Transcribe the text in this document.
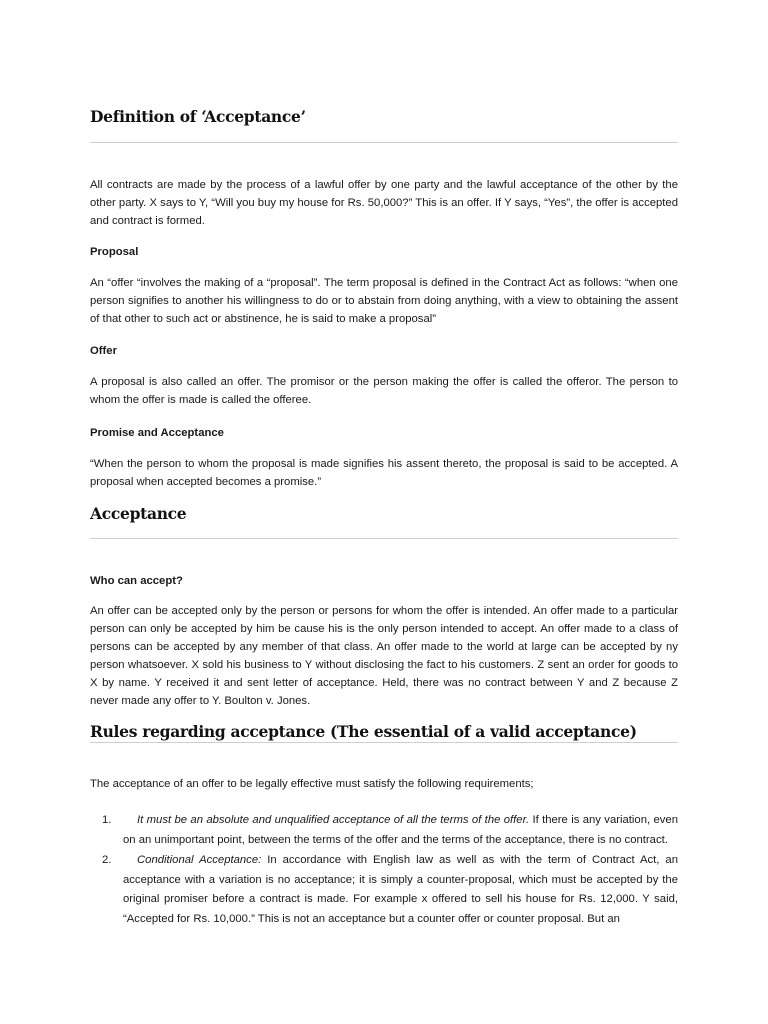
Definition of ‘Acceptance’

All contracts are made by the process of a lawful offer by one party and the lawful acceptance of the other by the other party. X says to Y, “Will you buy my house for Rs. 50,000?” This is an offer. If Y says, “Yes”, the offer is accepted and contract is formed.

Proposal

An “offer “involves the making of a “proposal”. The term proposal is defined in the Contract Act as follows: “when one person signifies to another his willingness to do or to abstain from doing anything, with a view to obtaining the assent of that other to such act or abstinence, he is said to make a proposal”

Offer

A proposal is also called an offer. The promisor or the person making the offer is called the offeror. The person to whom the offer is made is called the offeree.

Promise and Acceptance

“When the person to whom the proposal is made signifies his assent thereto, the proposal is said to be accepted. A proposal when accepted becomes a promise.”

Acceptance

Who can accept?

An offer can be accepted only by the person or persons for whom the offer is intended. An offer made to a particular person can only be accepted by him be cause his is the only person intended to accept. An offer made to a class of persons can be accepted by any member of that class. An offer made to the world at large can be accepted by ny person whatsoever. X sold his business to Y without disclosing the fact to his customers. Z sent an order for goods to X by name. Y received it and sent letter of acceptance. Held, there was no contract between Y and Z because Z never made any offer to Y. Boulton v. Jones.

Rules regarding acceptance (The essential of a valid acceptance)

The acceptance of an offer to be legally effective must satisfy the following requirements;

1.	It must be an absolute and unqualified acceptance of all the terms of the offer. If there is any variation, even on an unimportant point, between the terms of the offer and the terms of the acceptance, there is no contract.
2.	Conditional Acceptance: In accordance with English law as well as with the term of Contract Act, an acceptance with a variation is no acceptance; it is simply a counter-proposal, which must be accepted by the original promiser before a contract is made. For example x offered to sell his house for Rs. 12,000. Y said, “Accepted for Rs. 10,000.” This is not an acceptance but a counter offer or counter proposal. But an
